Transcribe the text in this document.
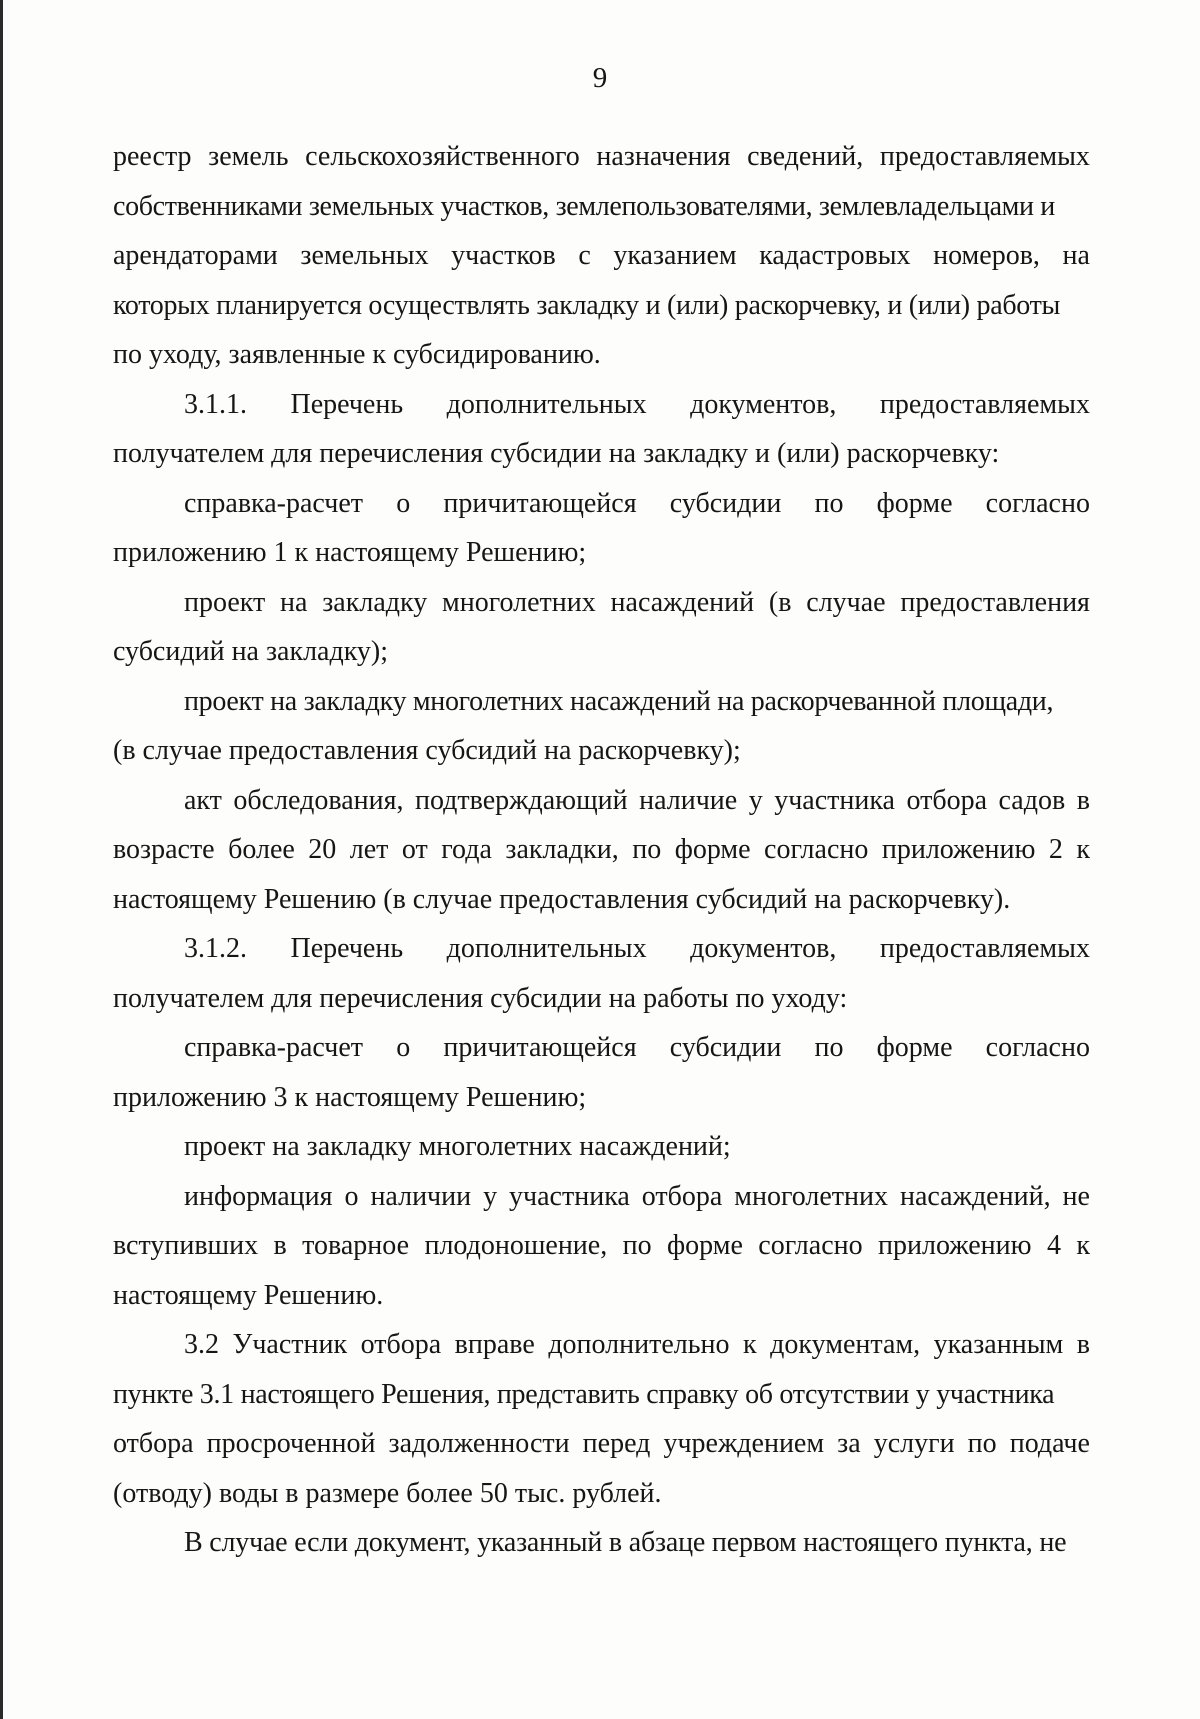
9
реестр земель сельскохозяйственного назначения сведений, предоставляемых
собственниками земельных участков, землепользователями, землевладельцами и
арендаторами земельных участков с указанием кадастровых номеров, на
которых планируется осуществлять закладку и (или) раскорчевку, и (или) работы
по уходу, заявленные к субсидированию.
3.1.1. Перечень дополнительных документов, предоставляемых
получателем для перечисления субсидии на закладку и (или) раскорчевку:
справка-расчет о причитающейся субсидии по форме согласно
приложению 1 к настоящему Решению;
проект на закладку многолетних насаждений (в случае предоставления
субсидий на закладку);
проект на закладку многолетних насаждений на раскорчеванной площади,
(в случае предоставления субсидий на раскорчевку);
акт обследования, подтверждающий наличие у участника отбора садов в
возрасте более 20 лет от года закладки, по форме согласно приложению 2 к
настоящему Решению (в случае предоставления субсидий на раскорчевку).
3.1.2. Перечень дополнительных документов, предоставляемых
получателем для перечисления субсидии на работы по уходу:
справка-расчет о причитающейся субсидии по форме согласно
приложению 3 к настоящему Решению;
проект на закладку многолетних насаждений;
информация о наличии у участника отбора многолетних насаждений, не
вступивших в товарное плодоношение, по форме согласно приложению 4 к
настоящему Решению.
3.2 Участник отбора вправе дополнительно к документам, указанным в
пункте 3.1 настоящего Решения, представить справку об отсутствии у участника
отбора просроченной задолженности перед учреждением за услуги по подаче
(отводу) воды в размере более 50 тыс. рублей.
В случае если документ, указанный в абзаце первом настоящего пункта, не
